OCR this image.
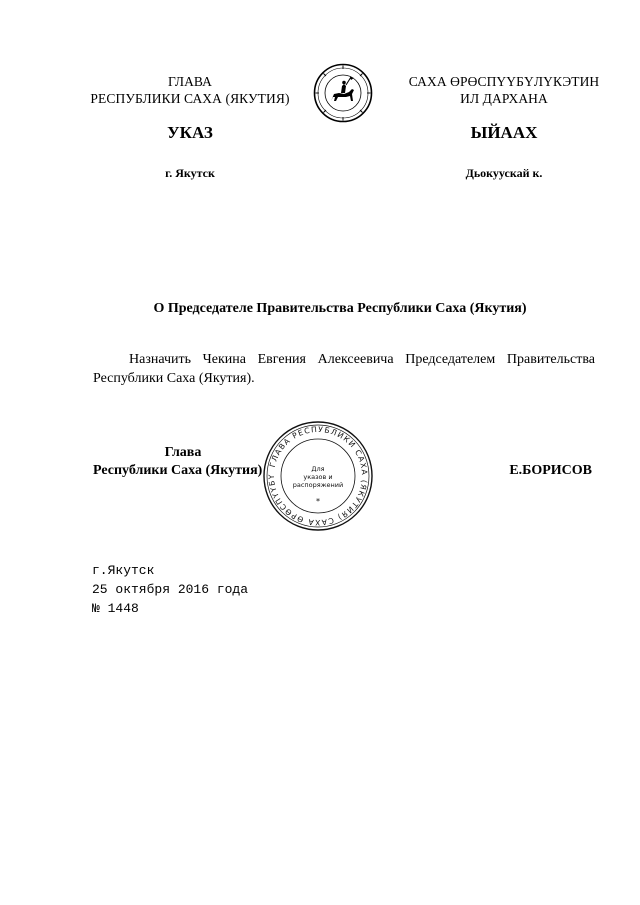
ГЛАВА
РЕСПУБЛИКИ САХА (ЯКУТИЯ)
САХА ӨРӨСПҮҮБҮЛҮКЭТИН
ИЛ ДАРХАНА
УКАЗ	ЫЙААХ
г. Якутск	Дьокуускай к.
О Председателе Правительства Республики Саха (Якутия)
Назначить Чекина Евгения Алексеевича Председателем Правительства Республики Саха (Якутия).
ГЛАВА РЕСПУБЛИКИ САХА (ЯКУТИЯ) САХА ӨРӨСПҮҮБҮ
Для
указов и
распоряжений
*
Глава
Республики Саха (Якутия)	Е.БОРИСОВ
г.Якутск
25 октября 2016 года
№ 1448
